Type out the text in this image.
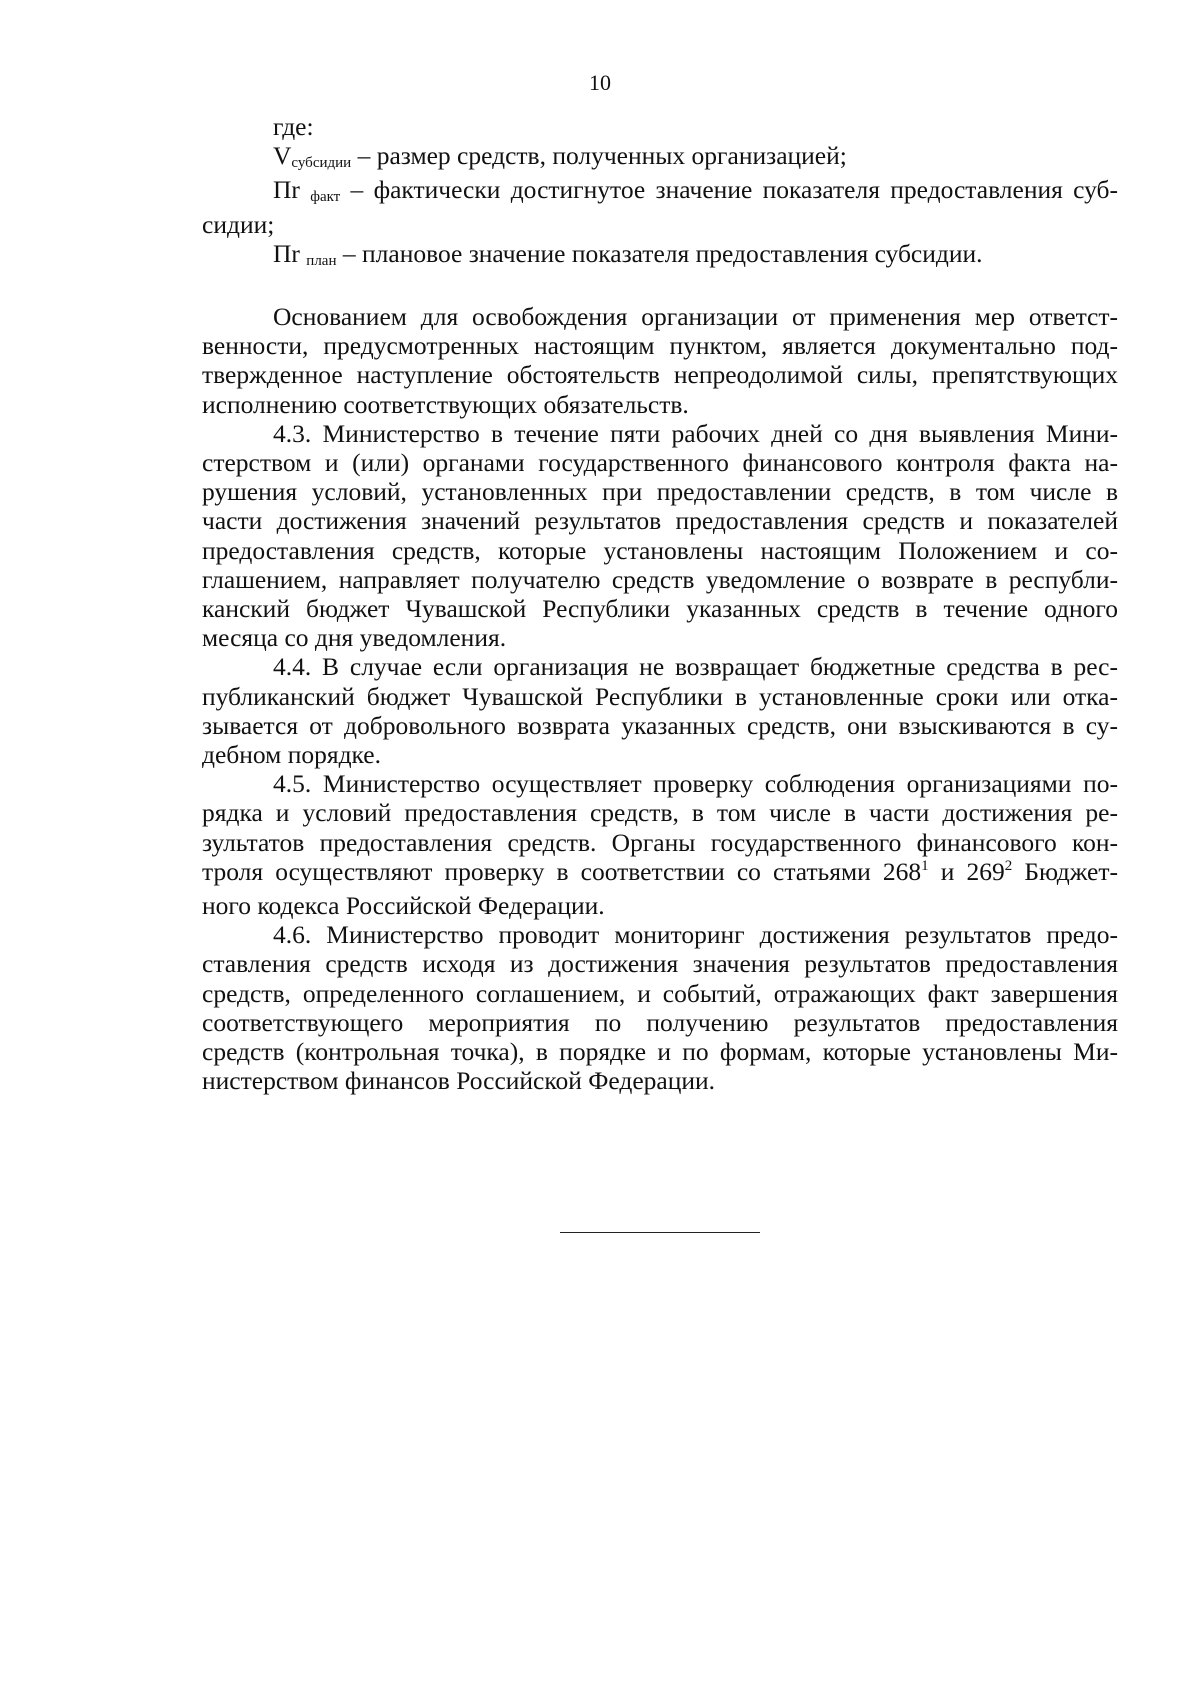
10
где:
Vсубсидии – размер средств, полученных организацией;
Пr факт – фактически достигнутое значение показателя предоставления суб-
сидии;
Пr план – плановое значение показателя предоставления субсидии.
Основанием для освобождения организации от применения мер ответст-
венности, предусмотренных настоящим пунктом, является документально под-
твержденное наступление обстоятельств непреодолимой силы, препятствующих
исполнению соответствующих обязательств.
4.3. Министерство в течение пяти рабочих дней со дня выявления Мини-
стерством и (или) органами государственного финансового контроля факта на-
рушения условий, установленных при предоставлении средств, в том числе в
части достижения значений результатов предоставления средств и показателей
предоставления средств, которые установлены настоящим Положением и со-
глашением, направляет получателю средств уведомление о возврате в республи-
канский бюджет Чувашской Республики указанных средств в течение одного
месяца со дня уведомления.
4.4. В случае если организация не возвращает бюджетные средства в рес-
публиканский бюджет Чувашской Республики в установленные сроки или отка-
зывается от добровольного возврата указанных средств, они взыскиваются в су-
дебном порядке.
4.5. Министерство осуществляет проверку соблюдения организациями по-
рядка и условий предоставления средств, в том числе в части достижения ре-
зультатов предоставления средств. Органы государственного финансового кон-
троля осуществляют проверку в соответствии со статьями $268^1$ и $269^2$ Бюджет-
ного кодекса Российской Федерации.
4.6. Министерство проводит мониторинг достижения результатов предо-
ставления средств исходя из достижения значения результатов предоставления
средств, определенного соглашением, и событий, отражающих факт завершения
соответствующего мероприятия по получению результатов предоставления
средств (контрольная точка), в порядке и по формам, которые установлены Ми-
нистерством финансов Российской Федерации.
